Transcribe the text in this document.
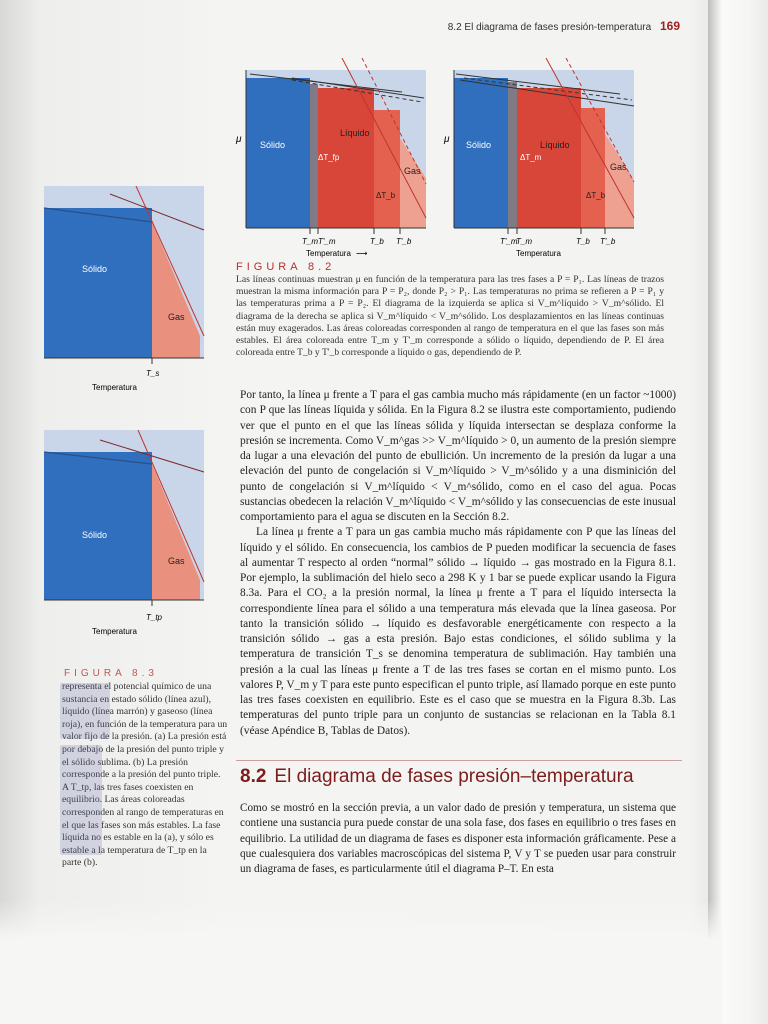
8.2 El diagrama de fases presión-temperatura 169
μ Sólido
Líquido
Gas
ΔT_fp
ΔT_b
T_m T'_m	T_b T'_b
Temperatura ⟶
μ Sólido	Líquido
Gas
ΔT_m
ΔT_b
T'_m
T_m	T_b T'_b
Temperatura
FIGURA 8.2
Las líneas continuas muestran μ en función de la temperatura para las tres fases a P = P₁. Las líneas de trazos muestran la misma información para P = P₂, donde P₂ > P₁. Las temperaturas no prima se refieren a P = P₁ y las temperaturas prima a P = P₂. El diagrama de la izquierda se aplica si V_m^líquido > V_m^sólido. El diagrama de la derecha se aplica si V_m^líquido < V_m^sólido. Los desplazamientos en las líneas continuas están muy exagerados. Las áreas coloreadas corresponden al rango de temperatura en el que las fases son más estables. El área coloreada entre T_m y T'_m corresponde a sólido o líquido, dependiendo de P. El área coloreada entre T_b y T'_b corresponde a líquido o gas, dependiendo de P.
Sólido
Gas
T_s
Temperatura
Sólido
Gas
T_tp
Temperatura
FIGURA 8.3
representa el potencial químico de una sustancia en estado sólido (línea azul), líquido (línea marrón) y gaseoso (línea roja), en función de la temperatura para un valor fijo de la presión. (a) La presión está por debajo de la presión del punto triple y el sólido sublima. (b) La presión corresponde a la presión del punto triple. A T_tp, las tres fases coexisten en equilibrio. Las áreas coloreadas corresponden al rango de temperaturas en el que las fases son más estables. La fase líquida no es estable en la (a), y sólo es estable a la temperatura de T_tp en la parte (b).

Por tanto, la línea μ frente a T para el gas cambia mucho más rápidamente (en un factor ~1000) con P que las líneas líquida y sólida. En la Figura 8.2 se ilustra este comportamiento, pudiendo ver que el punto en el que las líneas sólida y líquida intersectan se desplaza conforme la presión se incrementa. Como V_m^gas >> V_m^líquido > 0, un aumento de la presión siempre da lugar a una elevación del punto de ebullición. Un incremento de la presión da lugar a una elevación del punto de congelación si V_m^líquido > V_m^sólido y a una disminición del punto de congelación si V_m^líquido < V_m^sólido, como en el caso del agua. Pocas sustancias obedecen la relación V_m^líquido < V_m^sólido y las consecuencias de este inusual comportamiento para el agua se discuten en la Sección 8.2.

La línea μ frente a T para un gas cambia mucho más rápidamente con P que las líneas del líquido y el sólido. En consecuencia, los cambios de P pueden modificar la secuencia de fases al aumentar T respecto al orden “normal” sólido → líquido → gas mostrado en la Figura 8.1. Por ejemplo, la sublimación del hielo seco a 298 K y 1 bar se puede explicar usando la Figura 8.3a. Para el CO₂ a la presión normal, la línea μ frente a T para el líquido intersecta la correspondiente línea para el sólido a una temperatura más elevada que la línea gaseosa. Por tanto la transición sólido → líquido es desfavorable energéticamente con respecto a la transición sólido → gas a esta presión. Bajo estas condiciones, el sólido sublima y la temperatura de transición T_s se denomina temperatura de sublimación. Hay también una presión a la cual las líneas μ frente a T de las tres fases se cortan en el mismo punto. Los valores P, V_m y T para este punto especifican el punto triple, así llamado porque en este punto las tres fases coexisten en equilibrio. Este es el caso que se muestra en la Figura 8.3b. Las temperaturas del punto triple para un conjunto de sustancias se relacionan en la Tabla 8.1 (véase Apéndice B, Tablas de Datos).

8.2 El diagrama de fases presión–temperatura
Como se mostró en la sección previa, a un valor dado de presión y temperatura, un sistema que contiene una sustancia pura puede constar de una sola fase, dos fases en equilibrio o tres fases en equilibrio. La utilidad de un diagrama de fases es disponer esta información gráficamente. Pese a que cualesquiera dos variables macroscópicas del sistema P, V y T se pueden usar para construir un diagrama de fases, es particularmente útil el diagrama P–T. En esta
